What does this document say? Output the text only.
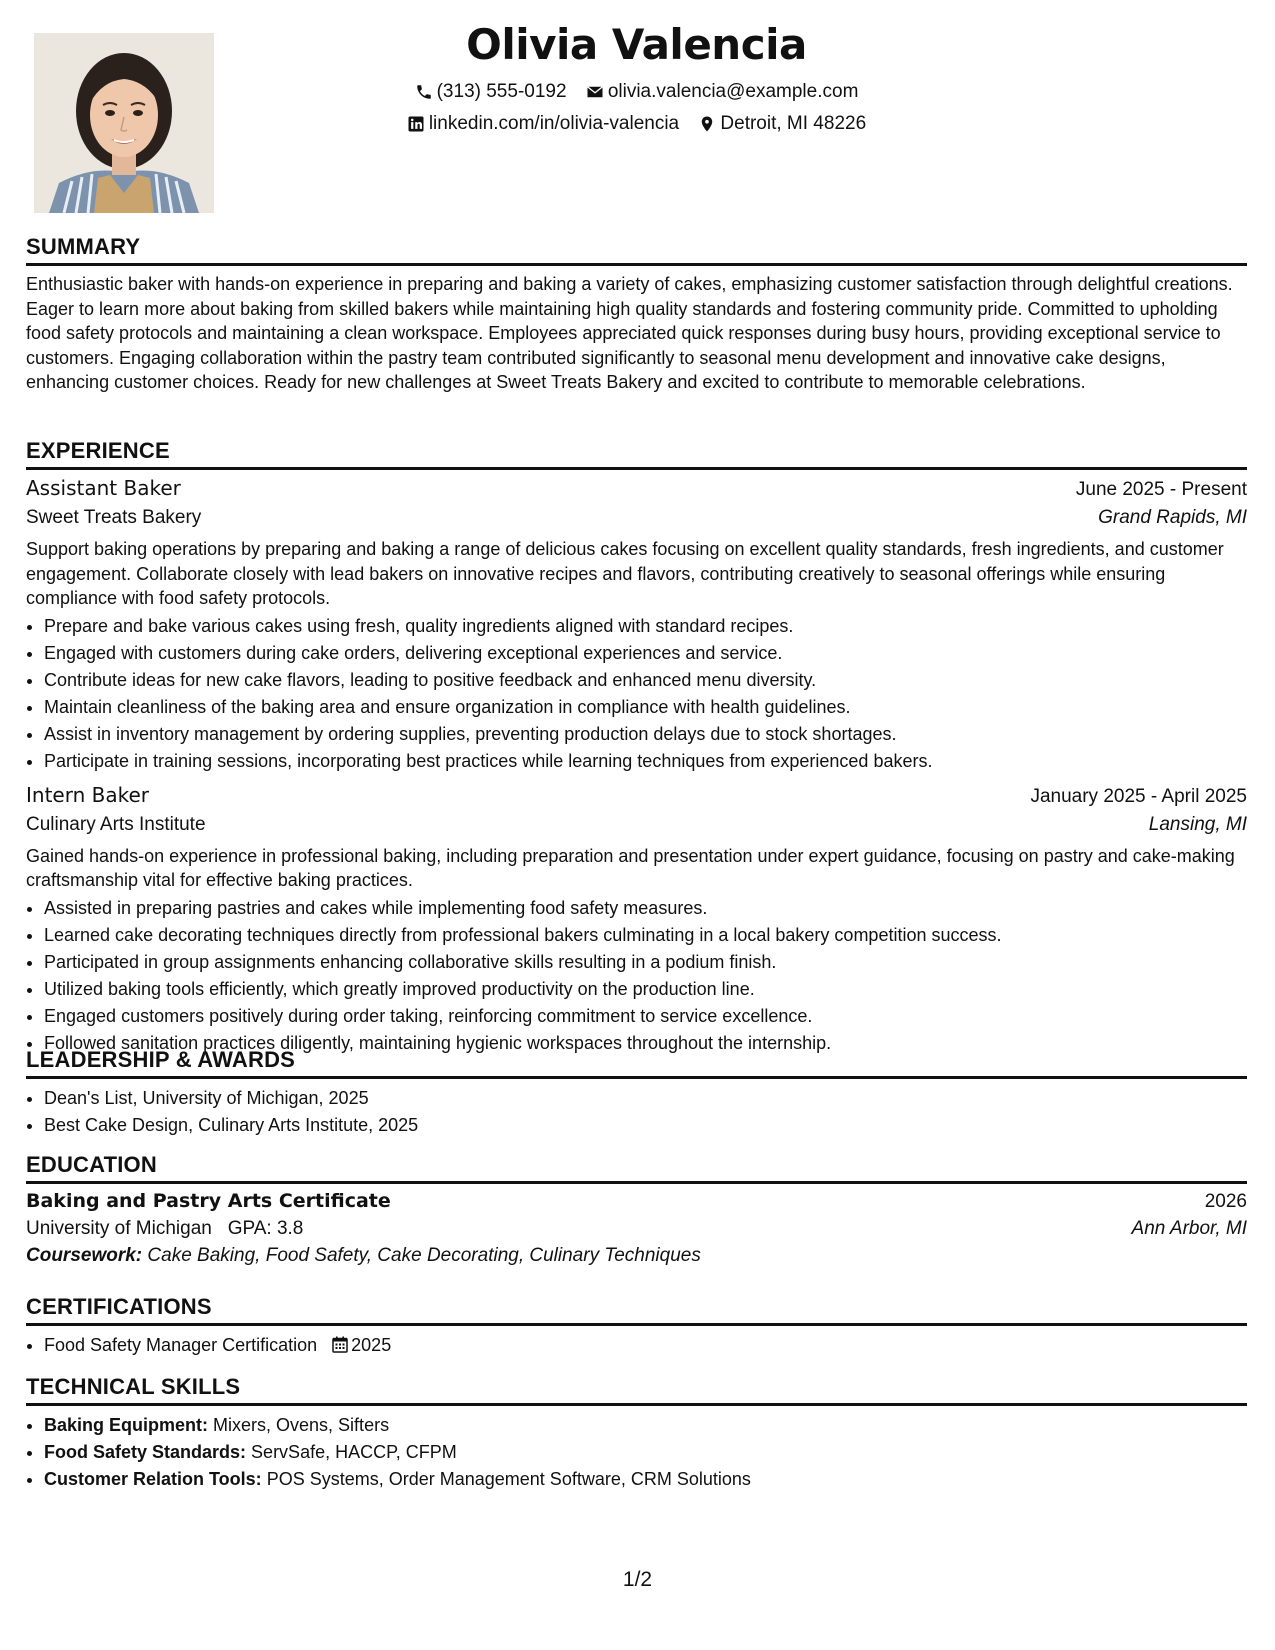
Olivia Valencia
(313) 555-0192
olivia.valencia@example.com
linkedin.com/in/olivia-valencia
Detroit, MI 48226
SUMMARY

Enthusiastic baker with hands-on experience in preparing and baking a variety of cakes, emphasizing customer satisfaction through delightful creations. Eager to learn more about baking from skilled bakers while maintaining high quality standards and fostering community pride. Committed to upholding food safety protocols and maintaining a clean workspace. Employees appreciated quick responses during busy hours, providing exceptional service to customers. Engaging collaboration within the pastry team contributed significantly to seasonal menu development and innovative cake designs, enhancing customer choices. Ready for new challenges at Sweet Treats Bakery and excited to contribute to memorable celebrations.

EXPERIENCE
Assistant Baker	June 2025 - Present
Sweet Treats Bakery	Grand Rapids, MI

Support baking operations by preparing and baking a range of delicious cakes focusing on excellent quality standards, fresh ingredients, and customer engagement. Collaborate closely with lead bakers on innovative recipes and flavors, contributing creatively to seasonal offerings while ensuring compliance with food safety protocols.

• Prepare and bake various cakes using fresh, quality ingredients aligned with standard recipes.
• Engaged with customers during cake orders, delivering exceptional experiences and service.
• Contribute ideas for new cake flavors, leading to positive feedback and enhanced menu diversity.
• Maintain cleanliness of the baking area and ensure organization in compliance with health guidelines.
• Assist in inventory management by ordering supplies, preventing production delays due to stock shortages.
• Participate in training sessions, incorporating best practices while learning techniques from experienced bakers.
Intern Baker	January 2025 - April 2025
Culinary Arts Institute	Lansing, MI

Gained hands-on experience in professional baking, including preparation and presentation under expert guidance, focusing on pastry and cake-making craftsmanship vital for effective baking practices.

• Assisted in preparing pastries and cakes while implementing food safety measures.
• Learned cake decorating techniques directly from professional bakers culminating in a local bakery competition success.
• Participated in group assignments enhancing collaborative skills resulting in a podium finish.
• Utilized baking tools efficiently, which greatly improved productivity on the production line.
• Engaged customers positively during order taking, reinforcing commitment to service excellence.
• Followed sanitation practices diligently, maintaining hygienic workspaces throughout the internship.
LEADERSHIP & AWARDS
• Dean's List, University of Michigan, 2025
• Best Cake Design, Culinary Arts Institute, 2025
EDUCATION
Baking and Pastry Arts Certificate	2026
University of Michigan GPA: 3.8	Ann Arbor, MI
Coursework: Cake Baking, Food Safety, Cake Decorating, Culinary Techniques
CERTIFICATIONS
• Food Safety Manager Certification 2025
TECHNICAL SKILLS
• Baking Equipment: Mixers, Ovens, Sifters
• Food Safety Standards: ServSafe, HACCP, CFPM
• Customer Relation Tools: POS Systems, Order Management Software, CRM Solutions
1/2
